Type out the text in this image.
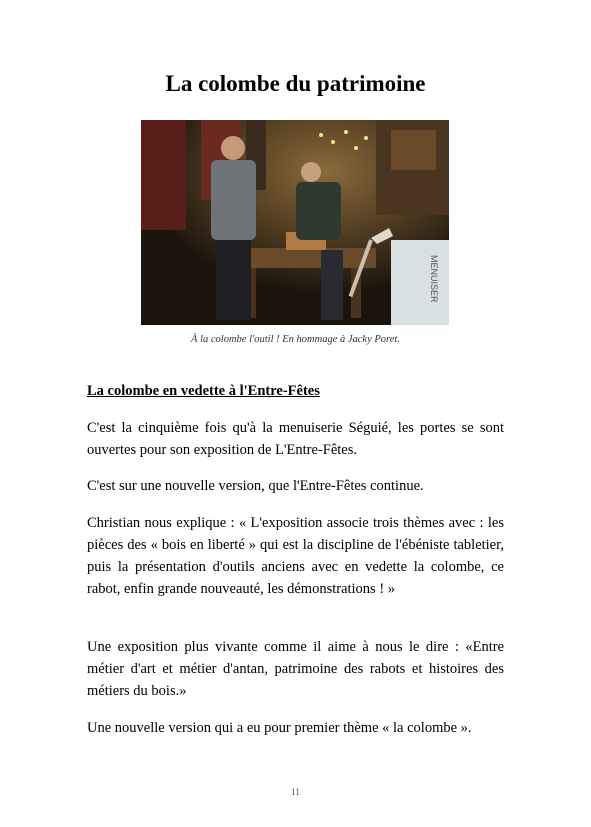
La colombe du patrimoine
MENUISER
À la colombe l'outil ! En hommage à Jacky Poret.
La colombe en vedette à l'Entre-Fêtes
C'est la cinquième fois qu'à la menuiserie Séguié, les portes se sont ouvertes pour son exposition de L'Entre-Fêtes.
C'est sur une nouvelle version, que l'Entre-Fêtes continue.
Christian nous explique : « L'exposition associe trois thèmes avec : les pièces des « bois en liberté » qui est la discipline de l'ébéniste tabletier, puis la présentation d'outils anciens avec en vedette la colombe, ce rabot, enfin grande nouveauté, les démonstrations ! »
Une exposition plus vivante comme il aime à nous le dire : «Entre métier d'art et métier d'antan, patrimoine des rabots et histoires des métiers du bois.»
Une nouvelle version qui a eu pour premier thème « la colombe ».
11
